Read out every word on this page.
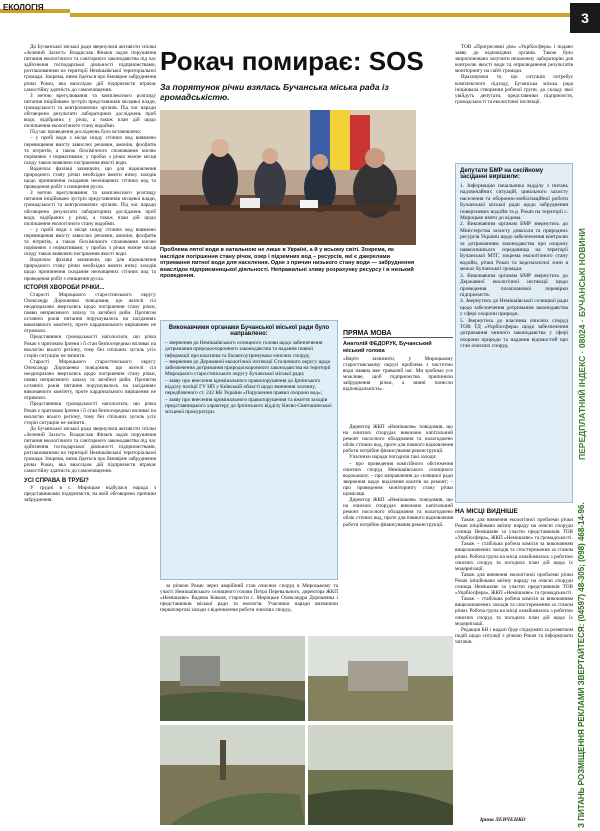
ЕКОЛОГІЯ
3
ПЕРЕДПЛАТНИЙ ІНДЕКС · 08024 · БУЧАНСЬКІ НОВИНИ
З ПИТАНЬ РОЗМІЩЕННЯ РЕКЛАМИ ЗВЕРТАЙТЕСЯ: (04597) 48-305; (098) 468-14-96.
Рокач помирає: SOS
За порятунок річки взялась Бучанська міська рада із громадськістю.
Проблема пятої води в натальною не лише в Україні, а й у всьому світі. Зокрема, як наслідок погіршення стану річок, озер і підземних вод – ресурсів, які є джерелами отримання питної води для населення. Одне з причин низького стану води — забруднення внаслідок підприємницької діяльності. Неправильні зливу розрахунку ресурсу і в низький проведення.

До Бучанської міської ради звернулися активісти спілки «Зелений Захист» Владислав Фінаєв задля порушення питання екологічного та санітарного законодавства під час здійснення господарської діяльності підприємствами, розташованими на території Немішаївської територіальної громади. Зокрема, ними йдеться про ймовірне забруднення річки Рокач, яка внаслідок дій підприємств втрачає самостійну здатність до самоочищення.

З метою врегулювання та комплексного розгляду питання ініційовано зустріч представників місцевої влади, громадськості та контролюючих органів. Під час наради обговорено результати лабораторних досліджень проб води, відібраних у річці, а також план дій щодо поліпшення екологічного стану водойми.

Під час проведення досліджень було встановлено:

– у пробі води з місця скиду стічних вод виявлено перевищення вмісту завислих речовин, амонію, фосфатів та нітритів, а також біохімічного споживання кисню порівняно з нормативами; у пробах з річки нижче місця скиду також виявлено погіршення якості води.

Водночас фахівці зазначили, що для відновлення природного стану річки необхідно вжити низку заходів щодо припинення скидання неочищених стічних вод та проведення робіт з очищення русла.

З метою врегулювання та комплексного розгляду питання ініційовано зустріч представників місцевої влади, громадськості та контролюючих органів. Під час наради обговорено результати лабораторних досліджень проб води, відібраних у річці, а також план дій щодо поліпшення екологічного стану водойми.

– у пробі води з місця скиду стічних вод виявлено перевищення вмісту завислих речовин, амонію, фосфатів та нітритів, а також біохімічного споживання кисню порівняно з нормативами; у пробах з річки нижче місця скиду також виявлено погіршення якості води.

Водночас фахівці зазначили, що для відновлення природного стану річки необхідно вжити низку заходів щодо припинення скидання неочищених стічних вод та проведення робіт з очищення русла.

ІСТОРІЯ ХВОРОБИ РІЧКИ...

Старості Мироцького старостинського округу Олександр Дорошенко повідомив, що жителі сіл неодноразово звертались щодо погіршення стану річки, появи неприємного запаху та загибелі риби. Протягом останніх років питання порушувалось на засіданнях виконавчого комітету, проте кардинального вирішення не отримало.

Представники громадськості наголосили, що річка Рокач є притокою Ірпеня і її стан безпосередньо впливає на екологію всього регіону, тому без спільних зусиль усіх сторін ситуацію не змінити.

Старості Мироцького старостинського округу Олександр Дорошенко повідомив, що жителі сіл неодноразово звертались щодо погіршення стану річки, появи неприємного запаху та загибелі риби. Протягом останніх років питання порушувалось на засіданнях виконавчого комітету, проте кардинального вирішення не отримало.

Представники громадськості наголосили, що річка Рокач є притокою Ірпеня і її стан безпосередньо впливає на екологію всього регіону, тому без спільних зусиль усіх сторін ситуацію не змінити.

До Бучанської міської ради звернулися активісти спілки «Зелений Захист» Владислав Фінаєв задля порушення питання екологічного та санітарного законодавства під час здійснення господарської діяльності підприємствами, розташованими на території Немішаївської територіальної громади. Зокрема, ними йдеться про ймовірне забруднення річки Рокач, яка внаслідок дій підприємств втрачає самостійну здатність до самоочищення.

УСІ СПРАВА В ТРУБІ?

У грудні в с. Мироцьке відбулася нарада з представниками підприємств, на якій обговорено причини забруднення.

Виконавчими органами Бучанської міської ради було направлено:
– звернення до Немішаївського селищного голови щодо забезпечення дотримання природоохоронного законодавства та надання повної інформації про власника та балансоутримувача очисних споруд;
– звернення до Державної екологічної інспекції Столичного округу щодо забезпечення дотримання природоохоронного законодавства на території Мироцького старостинського округу Бучанської міської ради;
– заяву про внесення кримінального правопорушення до Ірпінського відділу поліції ГУ НП у Київській області щодо вчинення злочину, передбаченого ст. 242 КК України «Порушення правил охорони вод»;
– заяву про внесення кримінального правопорушення та вжиття заходів представницького характеру до Ірпінського відділу Києво-Святошинської місцевої прокуратури.

за річкою Рокач через аварійний стан очисних споруд в Мироцькому та участі Немішаївського селищного голови Петра Перевального, директора ЖКП «Немішаєве» Вадима Коваля, старости с. Мироцьке Олександра Дорошенка і представників міської ради та екологів. Учасники наради визначили першочергові заходи з відновлення роботи очисних споруд.

ПРЯМА МОВА
Анатолій ФЕДОРУК, Бучанський міський голова
«Варто зазначити, у Мироцькому старостинському окрузі проблема з чистотою води наявна вже тривалий час. Ми зробимо усе можливе, щоб підприємства припинили забруднення річки, а винні понесли відповідальність».

Директор ЖКП «Немішаєве» повідомив, що на очисних спорудах виконано капітальний ремонт насосного обладнання та налагоджено облік стічних вод, проте для повного відновлення роботи потрібне фінансування реконструкції.

Учасники наради погодили такі заходи:

– про проведення комісійного обстеження очисних споруд Немішаївського селищного водоканалу; – про направлення до селищної ради звернення щодо виділення коштів на ремонт; – про проведення моніторингу стану річки щомісяця.

Директор ЖКП «Немішаєве» повідомив, що на очисних спорудах виконано капітальний ремонт насосного обладнання та налагоджено облік стічних вод, проте для повного відновлення роботи потрібне фінансування реконструкції.

ТОВ «Прогресивні дім» «Укрбіосфера» і подано заяву до відповідних органів. Також було запропоновано залучити незалежну лабораторію для контролю якості води та оприлюднення результатів моніторингу на сайті громади.

Враховуючи те, що ситуація потребує комплексного підходу, Бучанська міська рада ініціювала створення робочої групи, до складу якої увійдуть депутати, представники підприємств, громадськості та екологічної інспекції.

Депутати БМР на сесійному засіданні вирішили:

1. Інформацію начальника відділу з питань надзвичайних ситуацій, цивільного захисту населення та оборонно-мобілізаційної роботи Бучанської міської ради щодо забруднення поверхневих водойм та р. Рокач на території с. Мироцьке взяти до відома.

2. Виконавчим органам БМР звернутись до Міністерства захисту довкілля та природних ресурсів України щодо забезпечення контролю за дотриманням законодавства про охорону навколишнього середовища на території Бучанської МТГ, зокрема екологічного стану водойм, річки Рокач та водозахисної зони в межах Бучанської громади.

3. Виконавчим органам БМР звернутись до Державної екологічної інспекції щодо проведення позапланової перевірки підприємств.

4. Звернутись до Немішаївської селищної ради щодо забезпечення дотримання законодавства у сфері охорони природи.

5. Звернутись до власника очисних споруд ТОВ ТД «Укрбіосфера» щодо забезпечення дотримання чинного законодавства у сфері охорони природи та надання відомостей про стан очисних споруд.

НА МІСЦІ ВИДНІШЕ

Також для вивчення екологічної проблеми річки Рокач ініційовано виїзну нараду на очисні споруди селища Немішаєве за участю представників ТОВ «Укрбіосфера», ЖКП «Немішаєве» та громадськості.

Також – стабільна робоча комісія за виконанням вищезазначених заходів та спостереження за станом річки. Робоча група на місці ознайомилась з роботою очисних споруд та погодила план дій щодо їх модернізації.

Також для вивчення екологічної проблеми річки Рокач ініційовано виїзну нараду на очисні споруди селища Немішаєве за участю представників ТОВ «Укрбіосфера», ЖКП «Немішаєве» та громадськості.

Також – стабільна робоча комісія за виконанням вищезазначених заходів та спостереження за станом річки. Робоча група на місці ознайомилась з роботою очисних споруд та погодила план дій щодо їх модернізації.

Редакція БН і надалі буде слідкувати за розвитком подій щодо ситуації з річкою Рокач та інформувати читачів.

Ірина ЛЕВЧЕНКО
